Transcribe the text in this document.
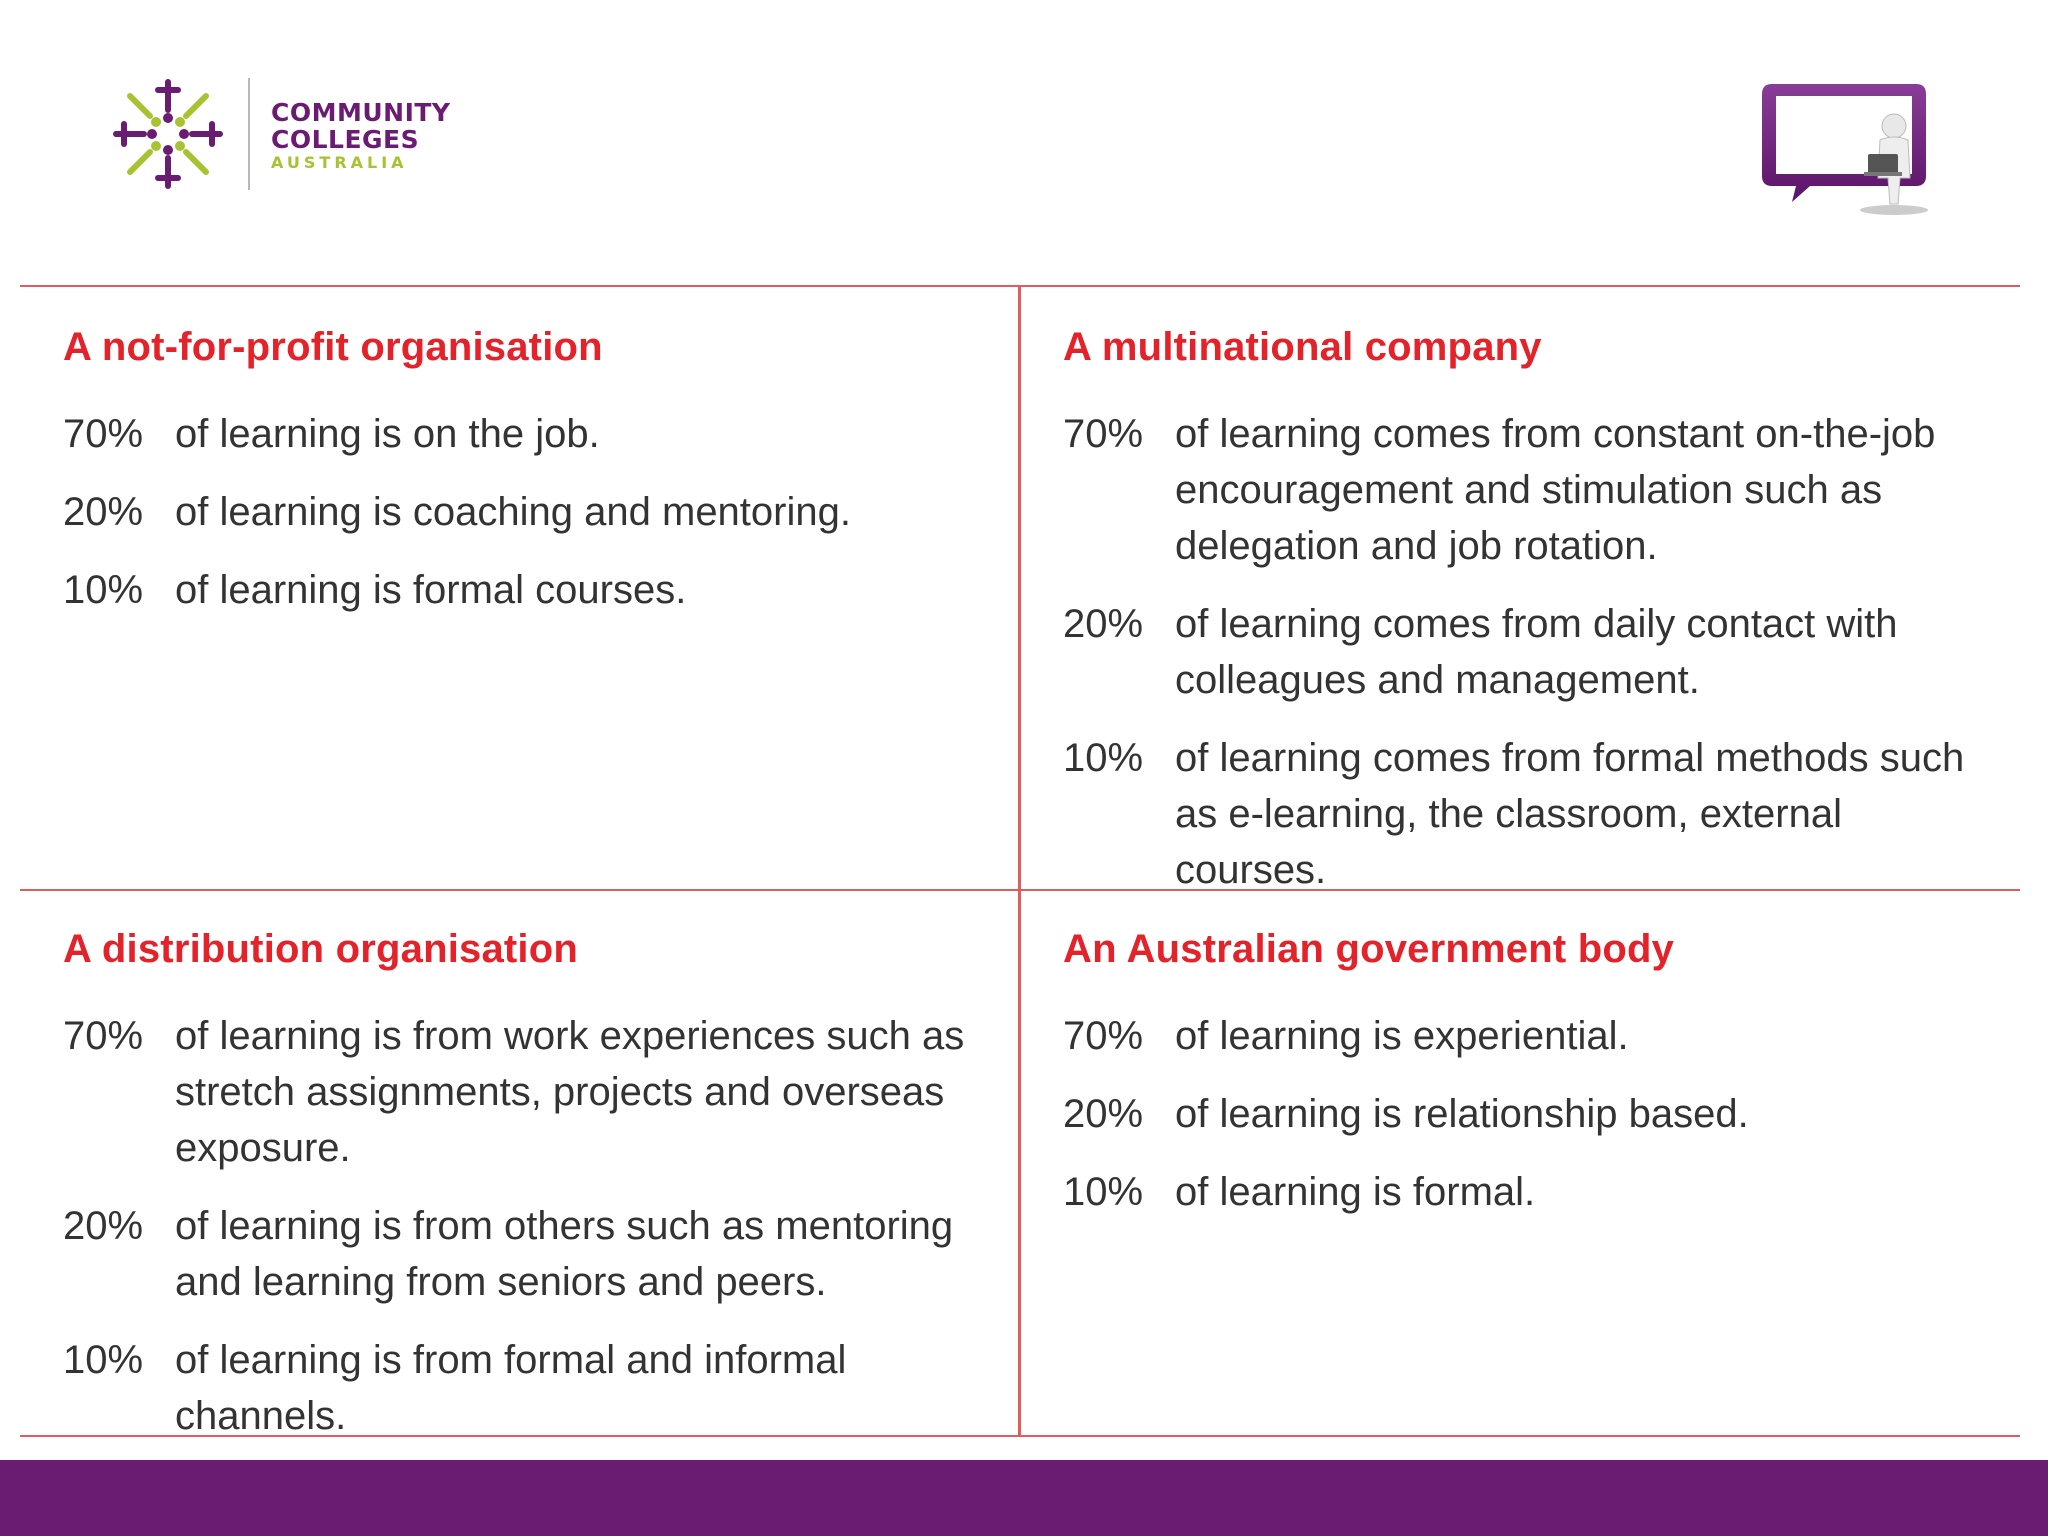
COMMUNITY
COLLEGES
AUSTRALIA
A not-for-profit organisation
70% of learning is on the job.
20% of learning is coaching and mentoring.
10% of learning is formal courses.
A multinational company
70% of learning comes from constant on-the-job encouragement and stimulation such as delegation and job rotation.
20% of learning comes from daily contact with colleagues and management.
10% of learning comes from formal methods such as e-learning, the classroom, external courses.
A distribution organisation
70% of learning is from work experiences such as stretch assignments, projects and overseas exposure.
20% of learning is from others such as mentoring and learning from seniors and peers.
10% of learning is from formal and informal channels.
An Australian government body
70% of learning is experiential.
20% of learning is relationship based.
10% of learning is formal.
